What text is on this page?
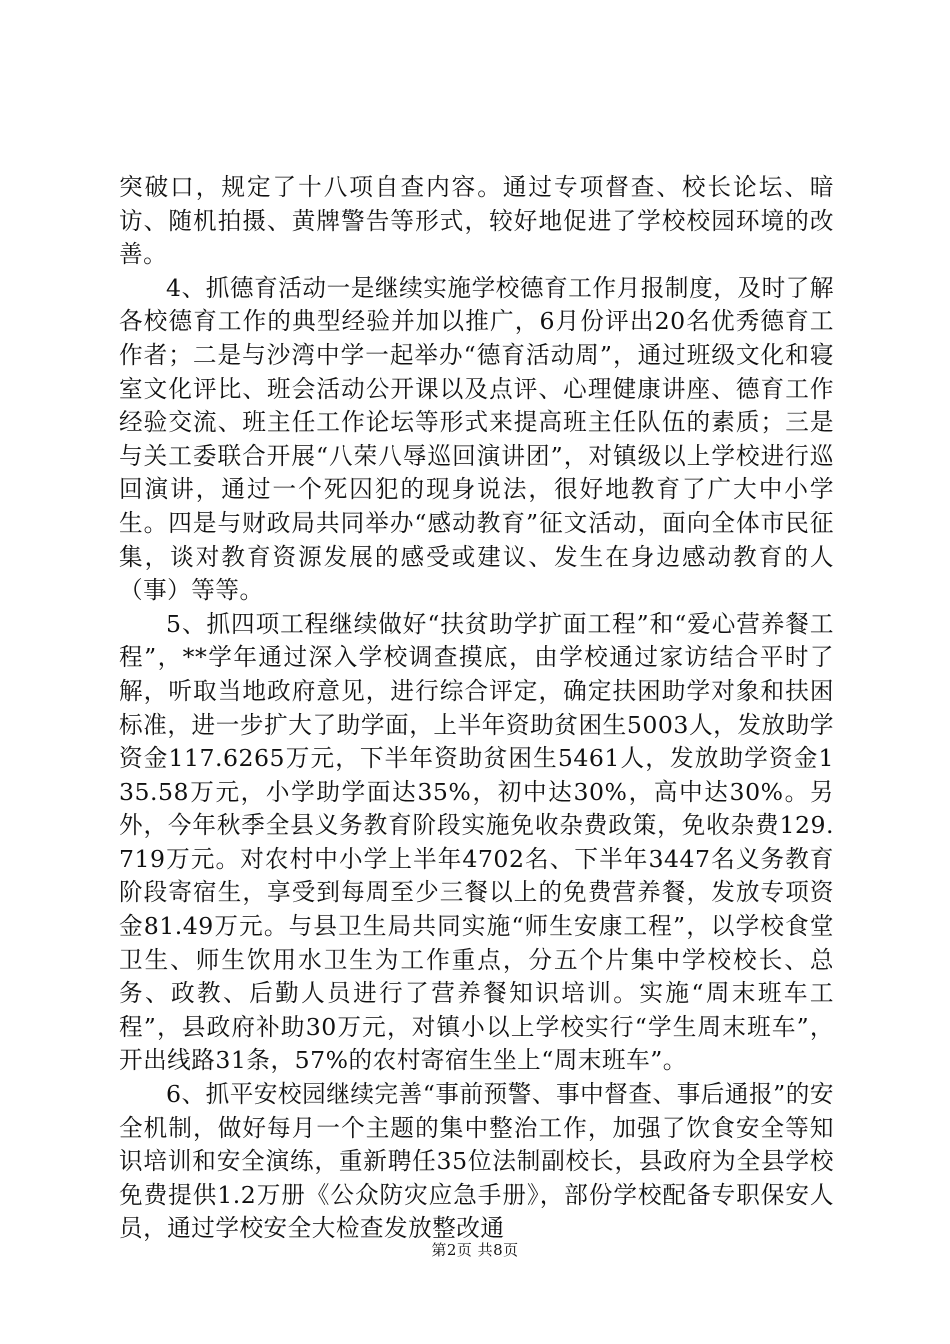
突破口，规定了十八项自查内容。通过专项督查、校长论坛、暗访、随机拍摄、黄牌警告等形式，较好地促进了学校校园环境的改善。

4、抓德育活动一是继续实施学校德育工作月报制度，及时了解各校德育工作的典型经验并加以推广，6月份评出20名优秀德育工作者；二是与沙湾中学一起举办“德育活动周”，通过班级文化和寝室文化评比、班会活动公开课以及点评、心理健康讲座、德育工作经验交流、班主任工作论坛等形式来提高班主任队伍的素质；三是与关工委联合开展“八荣八辱巡回演讲团”，对镇级以上学校进行巡回演讲，通过一个死囚犯的现身说法，很好地教育了广大中小学生。四是与财政局共同举办“感动教育”征文活动，面向全体市民征集，谈对教育资源发展的感受或建议、发生在身边感动教育的人（事）等等。

5、抓四项工程继续做好“扶贫助学扩面工程”和“爱心营养餐工程”，**学年通过深入学校调查摸底，由学校通过家访结合平时了解，听取当地政府意见，进行综合评定，确定扶困助学对象和扶困标准，进一步扩大了助学面，上半年资助贫困生5003人，发放助学资金117.6265万元，下半年资助贫困生5461人，发放助学资金135.58万元，小学助学面达35%，初中达30%，高中达30%。另外，今年秋季全县义务教育阶段实施免收杂费政策，免收杂费129.719万元。对农村中小学上半年4702名、下半年3447名义务教育阶段寄宿生，享受到每周至少三餐以上的免费营养餐，发放专项资金81.49万元。与县卫生局共同实施“师生安康工程”，以学校食堂卫生、师生饮用水卫生为工作重点，分五个片集中学校校长、总务、政教、后勤人员进行了营养餐知识培训。实施“周末班车工程”，县政府补助30万元，对镇小以上学校实行“学生周末班车”，开出线路31条，57%的农村寄宿生坐上“周末班车”。

6、抓平安校园继续完善“事前预警、事中督查、事后通报”的安全机制，做好每月一个主题的集中整治工作，加强了饮食安全等知识培训和安全演练，重新聘任35位法制副校长，县政府为全县学校免费提供1.2万册《公众防灾应急手册》，部份学校配备专职保安人员，通过学校安全大检查发放整改通

第2页 共8页
